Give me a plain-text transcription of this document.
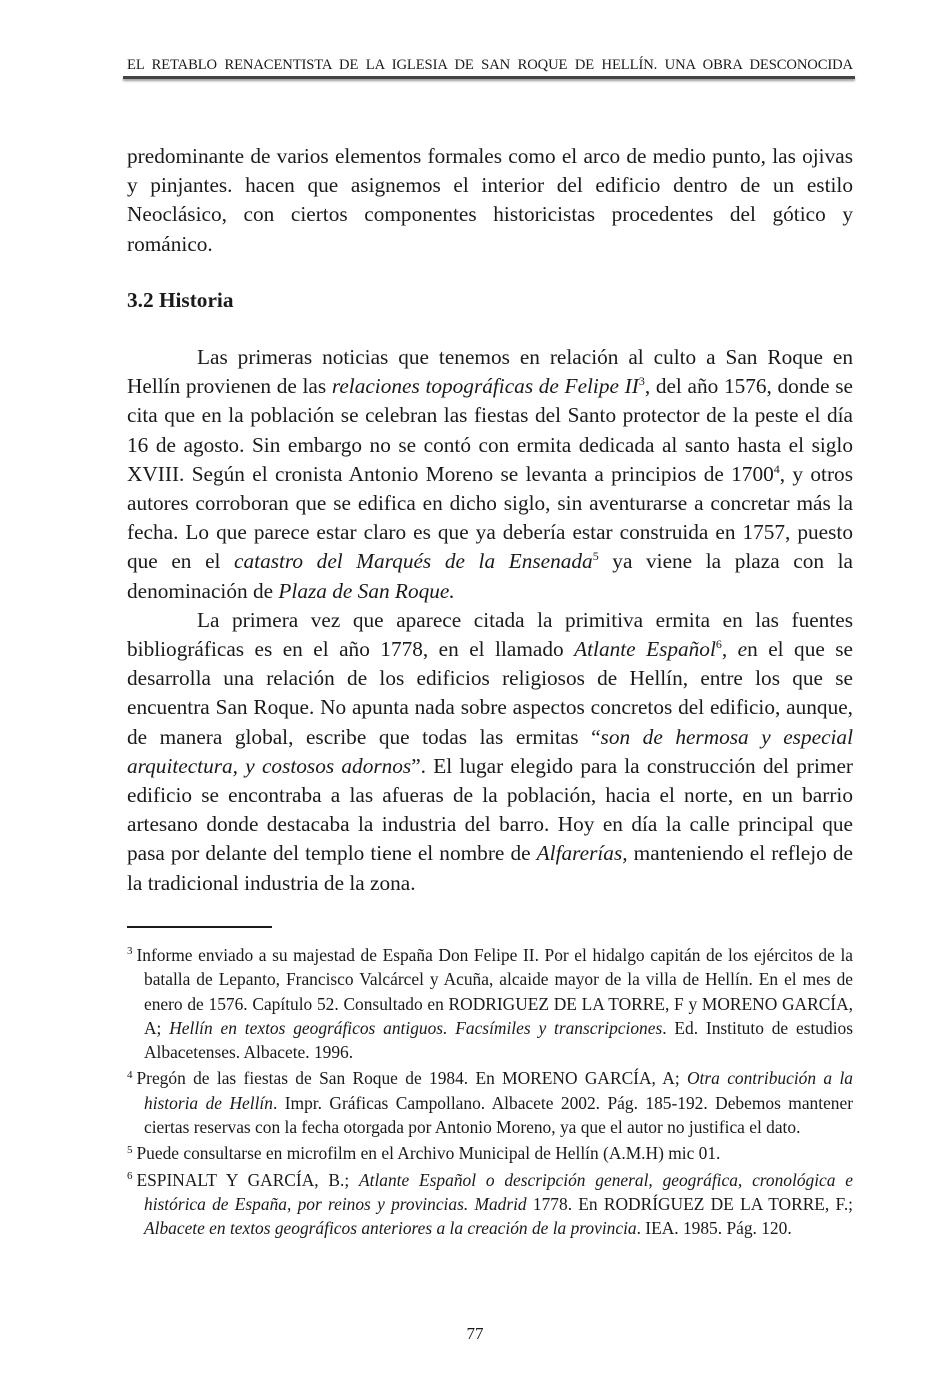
EL RETABLO RENACENTISTA DE LA IGLESIA DE SAN ROQUE DE HELLÍN. UNA OBRA DESCONOCIDA

predominante de varios elementos formales como el arco de medio punto, las ojivas y pinjantes. hacen que asignemos el interior del edificio dentro de un estilo Neoclásico, con ciertos componentes historicistas procedentes del gótico y románico.

3.2 Historia

Las primeras noticias que tenemos en relación al culto a San Roque en Hellín provienen de las relaciones topográficas de Felipe $II^3$, del año 1576, donde se cita que en la población se celebran las fiestas del Santo protector de la peste el día 16 de agosto. Sin embargo no se contó con ermita dedicada al santo hasta el siglo XVIII. Según el cronista Antonio Moreno se levanta a principios de 1700$^4$, y otros autores corroboran que se edifica en dicho siglo, sin aventurarse a concretar más la fecha. Lo que parece estar claro es que ya debería estar construida en 1757, puesto que en el catastro del Marqués de la Ensenada$^5$ ya viene la plaza con la denominación de Plaza de San Roque.

La primera vez que aparece citada la primitiva ermita en las fuentes bibliográficas es en el año 1778, en el llamado Atlante Español$^6$, en el que se desarrolla una relación de los edificios religiosos de Hellín, entre los que se encuentra San Roque. No apunta nada sobre aspectos concretos del edificio, aunque, de manera global, escribe que todas las ermitas “son de hermosa y especial arquitectura, y costosos adornos”. El lugar elegido para la construcción del primer edificio se encontraba a las afueras de la población, hacia el norte, en un barrio artesano donde destacaba la industria del barro. Hoy en día la calle principal que pasa por delante del templo tiene el nombre de Alfarerías, manteniendo el reflejo de la tradicional industria de la zona.

$^3$ Informe enviado a su majestad de España Don Felipe II. Por el hidalgo capitán de los ejércitos de la batalla de Lepanto, Francisco Valcárcel y Acuña, alcaide mayor de la villa de Hellín. En el mes de enero de 1576. Capítulo 52. Consultado en RODRIGUEZ DE LA TORRE, F y MORENO GARCÍA, A; Hellín en textos geográficos antiguos. Facsímiles y transcripciones. Ed. Instituto de estudios Albacetenses. Albacete. 1996.

$^4$ Pregón de las fiestas de San Roque de 1984. En MORENO GARCÍA, A; Otra contribución a la historia de Hellín. Impr. Gráficas Campollano. Albacete 2002. Pág. 185-192. Debemos mantener ciertas reservas con la fecha otorgada por Antonio Moreno, ya que el autor no justifica el dato.

$^5$ Puede consultarse en microfilm en el Archivo Municipal de Hellín (A.M.H) mic 01.

$^6$ ESPINALT Y GARCÍA, B.; Atlante Español o descripción general, geográfica, cronológica e histórica de España, por reinos y provincias. Madrid 1778. En RODRÍGUEZ DE LA TORRE, F.; Albacete en textos geográficos anteriores a la creación de la provincia. IEA. 1985. Pág. 120.

77
